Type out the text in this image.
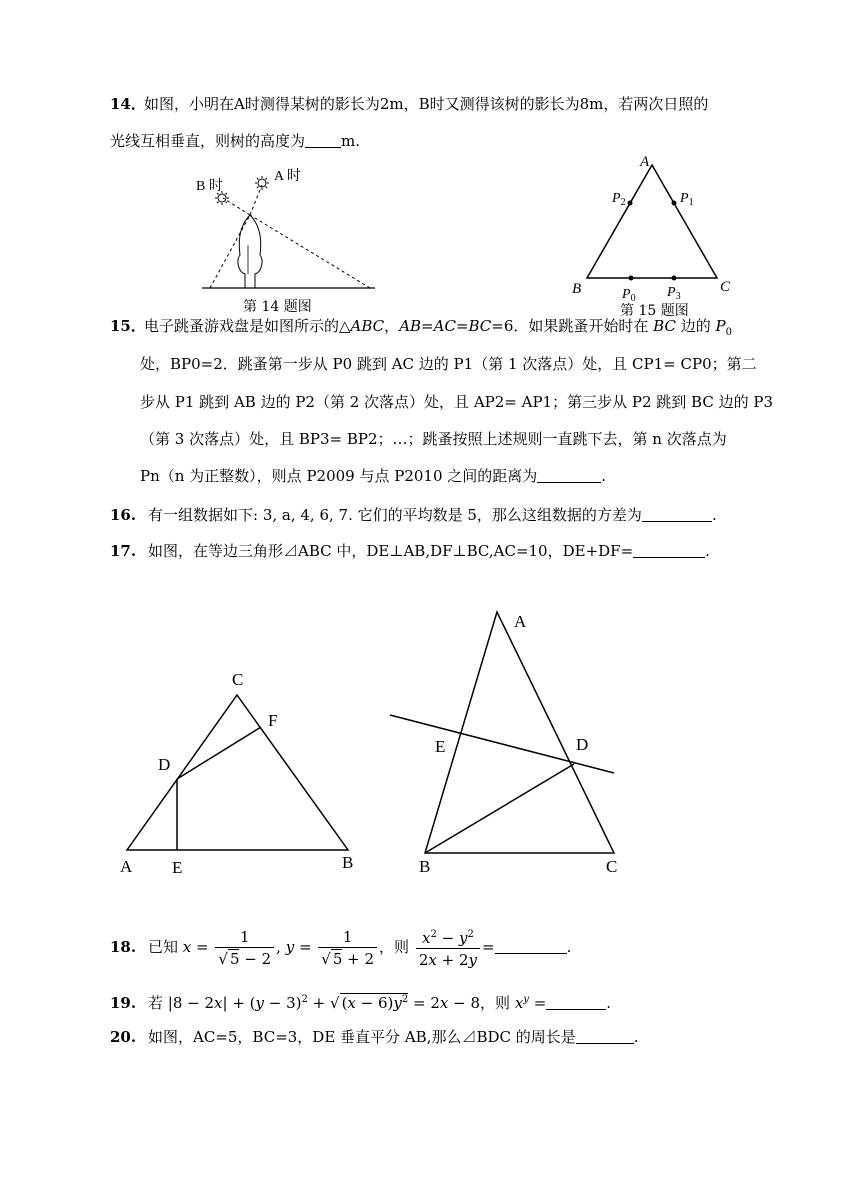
14．如图，小明在A时测得某树的影长为2m，B时又测得该树的影长为8m，若两次日照的
光线互相垂直，则树的高度为 m.
B 时
A 时
第 14 题图
A
B	C
$P_2$	$P_1$
$P_0$ $P_3$
第 15 题图
15．电子跳蚤游戏盘是如图所示的△ABC，AB=AC=BC=6．如果跳蚤开始时在 BC 边的 $P_0$
处，BP0=2．跳蚤第一步从 P0 跳到 AC 边的 P1（第 1 次落点）处，且 CP1= CP0；第二
步从 P1 跳到 AB 边的 P2（第 2 次落点）处，且 AP2= AP1；第三步从 P2 跳到 BC 边的 P3
（第 3 次落点）处，且 BP3= BP2；…；跳蚤按照上述规则一直跳下去，第 n 次落点为
Pn（n 为正整数），则点 P2009 与点 P2010 之间的距离为	.
16. 有一组数据如下: 3, a, 4, 6, 7. 它们的平均数是 5，那么这组数据的方差为	.
17. 如图，在等边三角形⊿ABC 中，DE⊥AB,DF⊥BC,AC=10，DE+DF=	.
A E	B
C
D
F
A
E	D
B	C
18. 已知 $x = \frac{1}{√ 5 - 2}$ , $y = \frac{1}{√ 5 + 2}$ ，则 $\frac{x^2 - y^2}{2x + 2y}$ =	.
19. 若 $|8 - 2x| + (y - 3)^2$ + √ $(x - 6)y^2 = 2x - 8$，则 $x^y$ =	.
20. 如图，AC=5，BC=3，DE 垂直平分 AB,那么⊿BDC 的周长是	.
